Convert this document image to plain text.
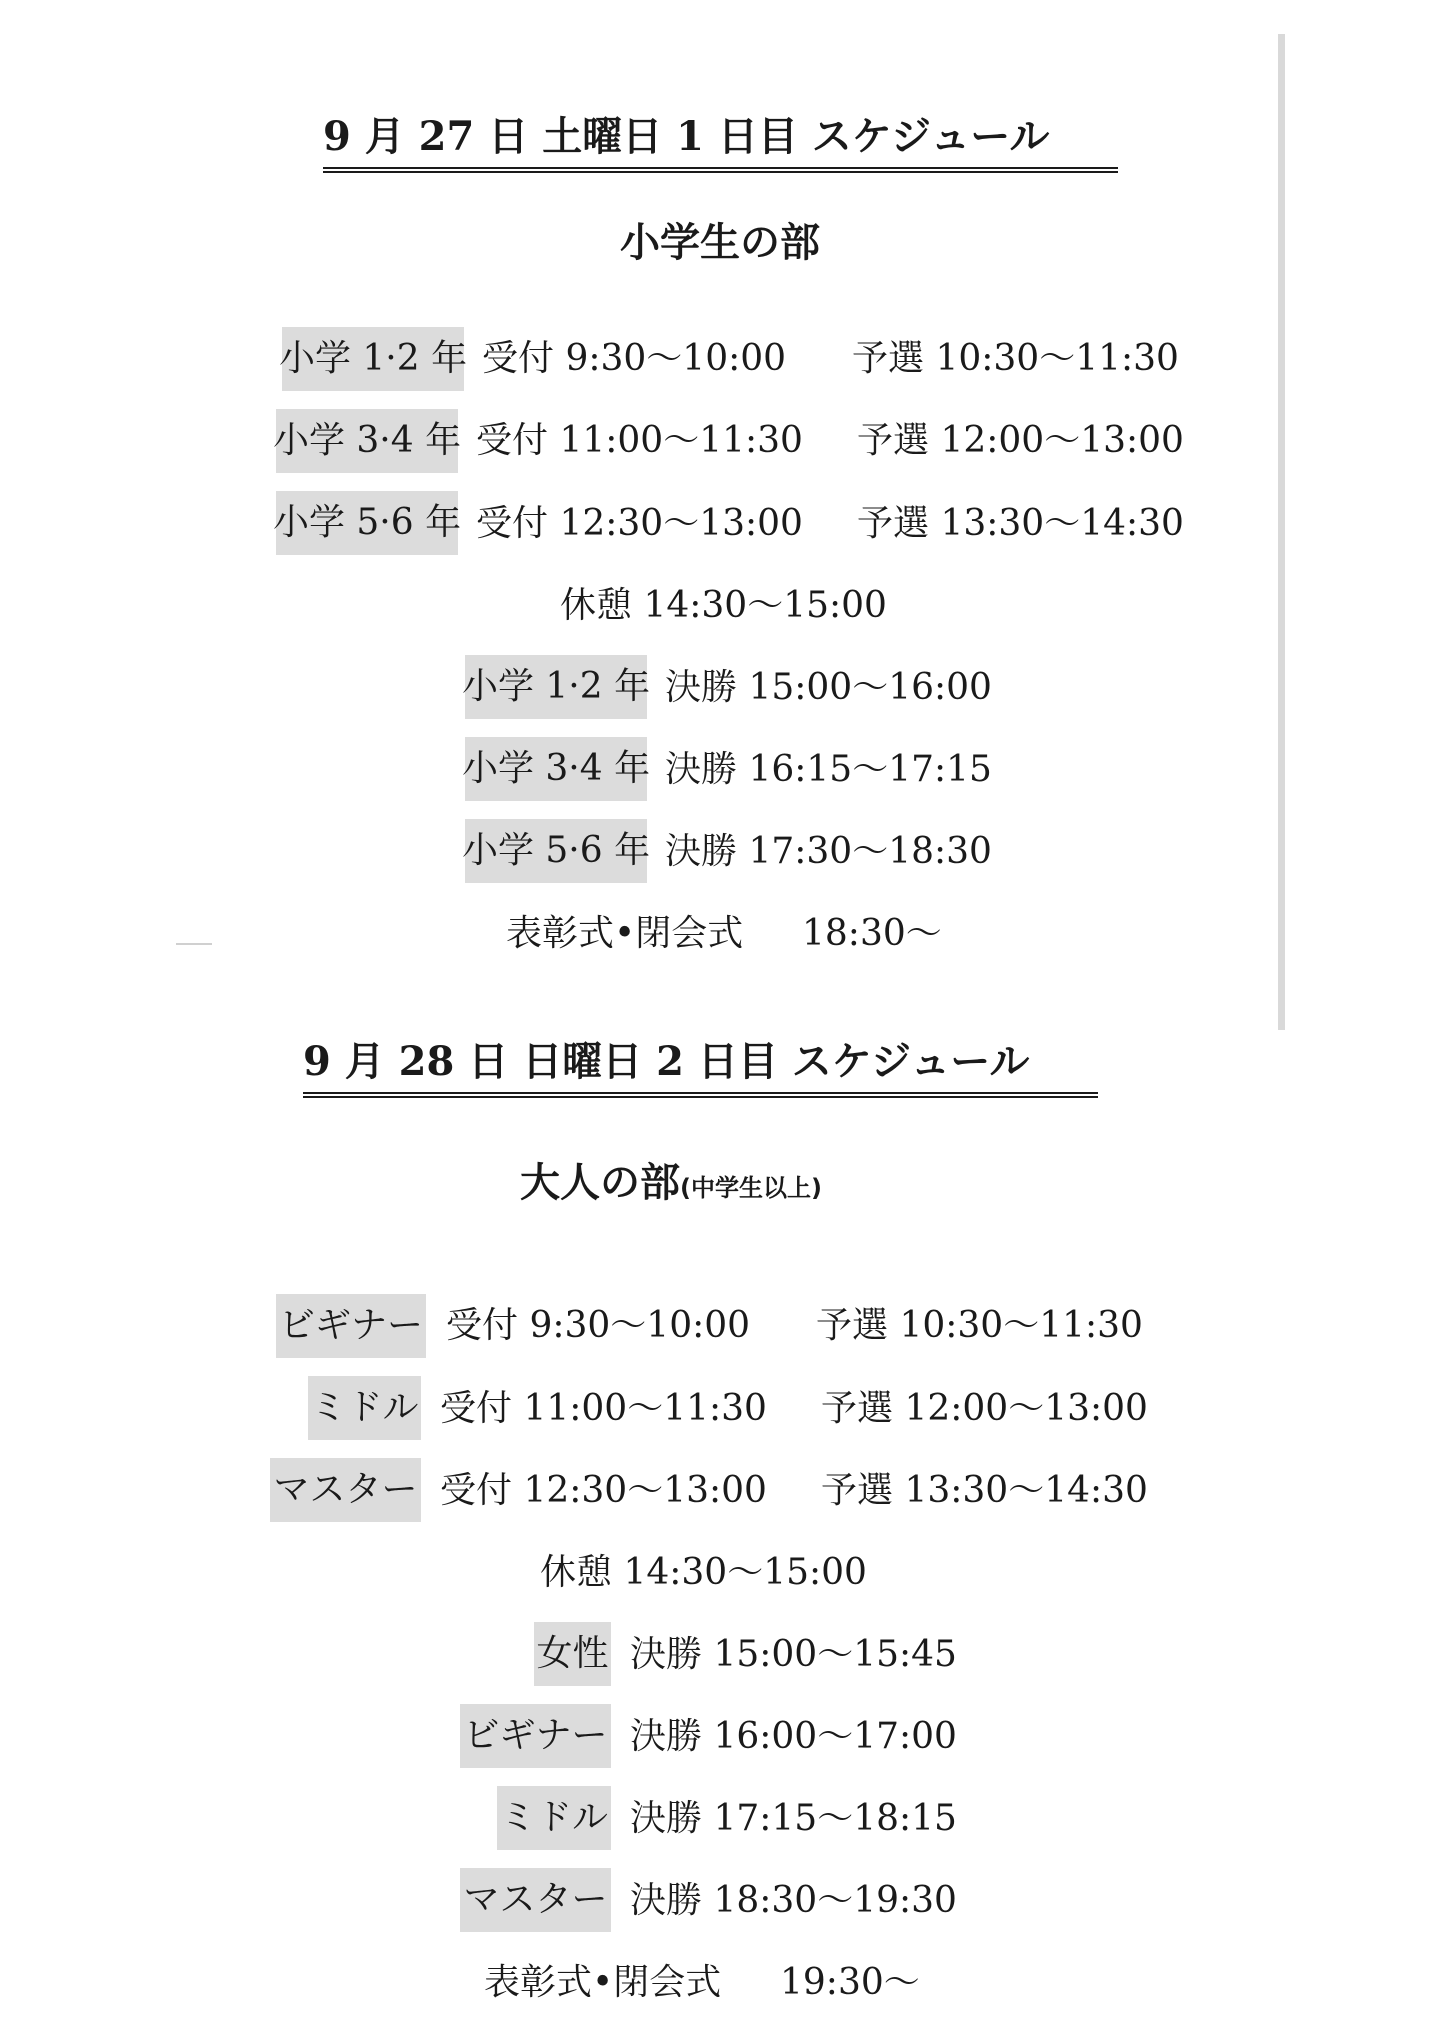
9 月 27 日 土曜日 1 日目 スケジュール
小学生の部
小学 1·2 年 受付 9:30〜10:00 予選 10:30〜11:30
小学 3·4 年 受付 11:00〜11:30 予選 12:00〜13:00
小学 5·6 年 受付 12:30〜13:00 予選 13:30〜14:30
休憩 14:30〜15:00
小学 1·2 年 決勝 15:00〜16:00
小学 3·4 年 決勝 16:15〜17:15
小学 5·6 年 決勝 17:30〜18:30
表彰式•閉会式 18:30〜
9 月 28 日 日曜日 2 日目 スケジュール
大人の部(中学生以上)
ビギナー 受付 9:30〜10:00 予選 10:30〜11:30
ミドル 受付 11:00〜11:30 予選 12:00〜13:00
マスター 受付 12:30〜13:00 予選 13:30〜14:30
休憩 14:30〜15:00
女性 決勝 15:00〜15:45
ビギナー 決勝 16:00〜17:00
ミドル 決勝 17:15〜18:15
マスター 決勝 18:30〜19:30
表彰式•閉会式 19:30〜
